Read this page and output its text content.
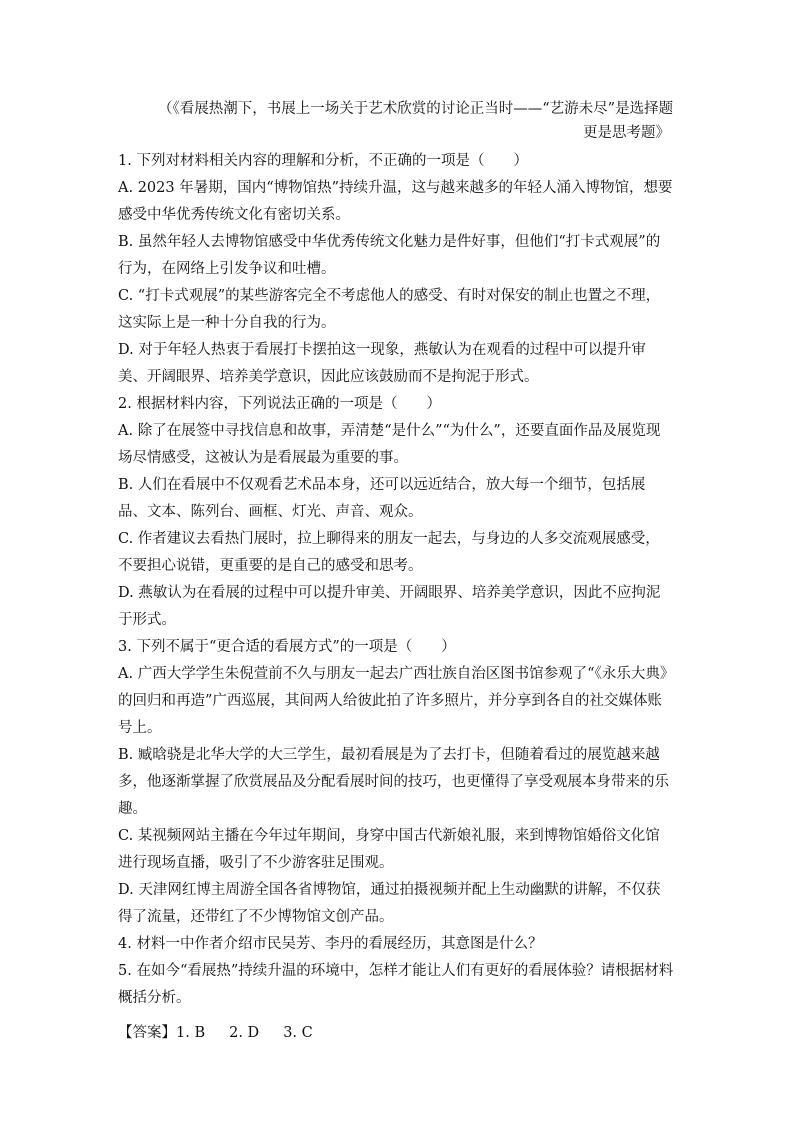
（《看展热潮下，书展上一场关于艺术欣赏的讨论正当时——“艺游未尽”是选择题

更是思考题》

1. 下列对材料相关内容的理解和分析，不正确的一项是（　　）

A. 2023 年暑期，国内“博物馆热”持续升温，这与越来越多的年轻人涌入博物馆，想要感受中华优秀传统文化有密切关系。

B. 虽然年轻人去博物馆感受中华优秀传统文化魅力是件好事，但他们“打卡式观展”的行为，在网络上引发争议和吐槽。

C. “打卡式观展”的某些游客完全不考虑他人的感受、有时对保安的制止也置之不理，这实际上是一种十分自我的行为。

D. 对于年轻人热衷于看展打卡摆拍这一现象，燕敏认为在观看的过程中可以提升审美、开阔眼界、培养美学意识，因此应该鼓励而不是拘泥于形式。

2. 根据材料内容，下列说法正确的一项是（　　）

A. 除了在展签中寻找信息和故事，弄清楚“是什么”“为什么”，还要直面作品及展览现场尽情感受，这被认为是看展最为重要的事。

B. 人们在看展中不仅观看艺术品本身，还可以远近结合，放大每一个细节，包括展品、文本、陈列台、画框、灯光、声音、观众。

C. 作者建议去看热门展时，拉上聊得来的朋友一起去，与身边的人多交流观展感受，不要担心说错，更重要的是自己的感受和思考。

D. 燕敏认为在看展的过程中可以提升审美、开阔眼界、培养美学意识，因此不应拘泥于形式。

3. 下列不属于“更合适的看展方式”的一项是（　　）

A. 广西大学学生朱倪萱前不久与朋友一起去广西壮族自治区图书馆参观了“《永乐大典》的回归和再造”广西巡展，其间两人给彼此拍了许多照片，并分享到各自的社交媒体账号上。

B. 臧晗骁是北华大学的大三学生，最初看展是为了去打卡，但随着看过的展览越来越多，他逐渐掌握了欣赏展品及分配看展时间的技巧，也更懂得了享受观展本身带来的乐趣。

C. 某视频网站主播在今年过年期间，身穿中国古代新娘礼服，来到博物馆婚俗文化馆进行现场直播，吸引了不少游客驻足围观。

D. 天津网红博主周游全国各省博物馆，通过拍摄视频并配上生动幽默的讲解，不仅获得了流量，还带红了不少博物馆文创产品。

4. 材料一中作者介绍市民吴芳、李丹的看展经历，其意图是什么？

5. 在如今“看展热”持续升温的环境中，怎样才能让人们有更好的看展体验？请根据材料概括分析。

【答案】1. B 2. D 3. C
